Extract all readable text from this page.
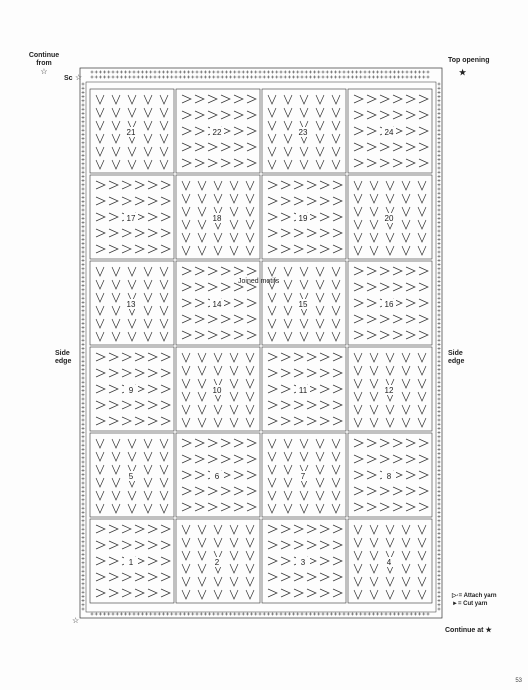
Continue from
☆
Sc ☆
Top opening
★
Side edge
Side edge
Joined motifs
▷·= Attach yarn
►= Cut yarn
Continue at ★
☆
53
21	22	23	24
17	18	19	20
13	14	15	16
9	10	11	12
5	6	7	8
1	2	3	4
